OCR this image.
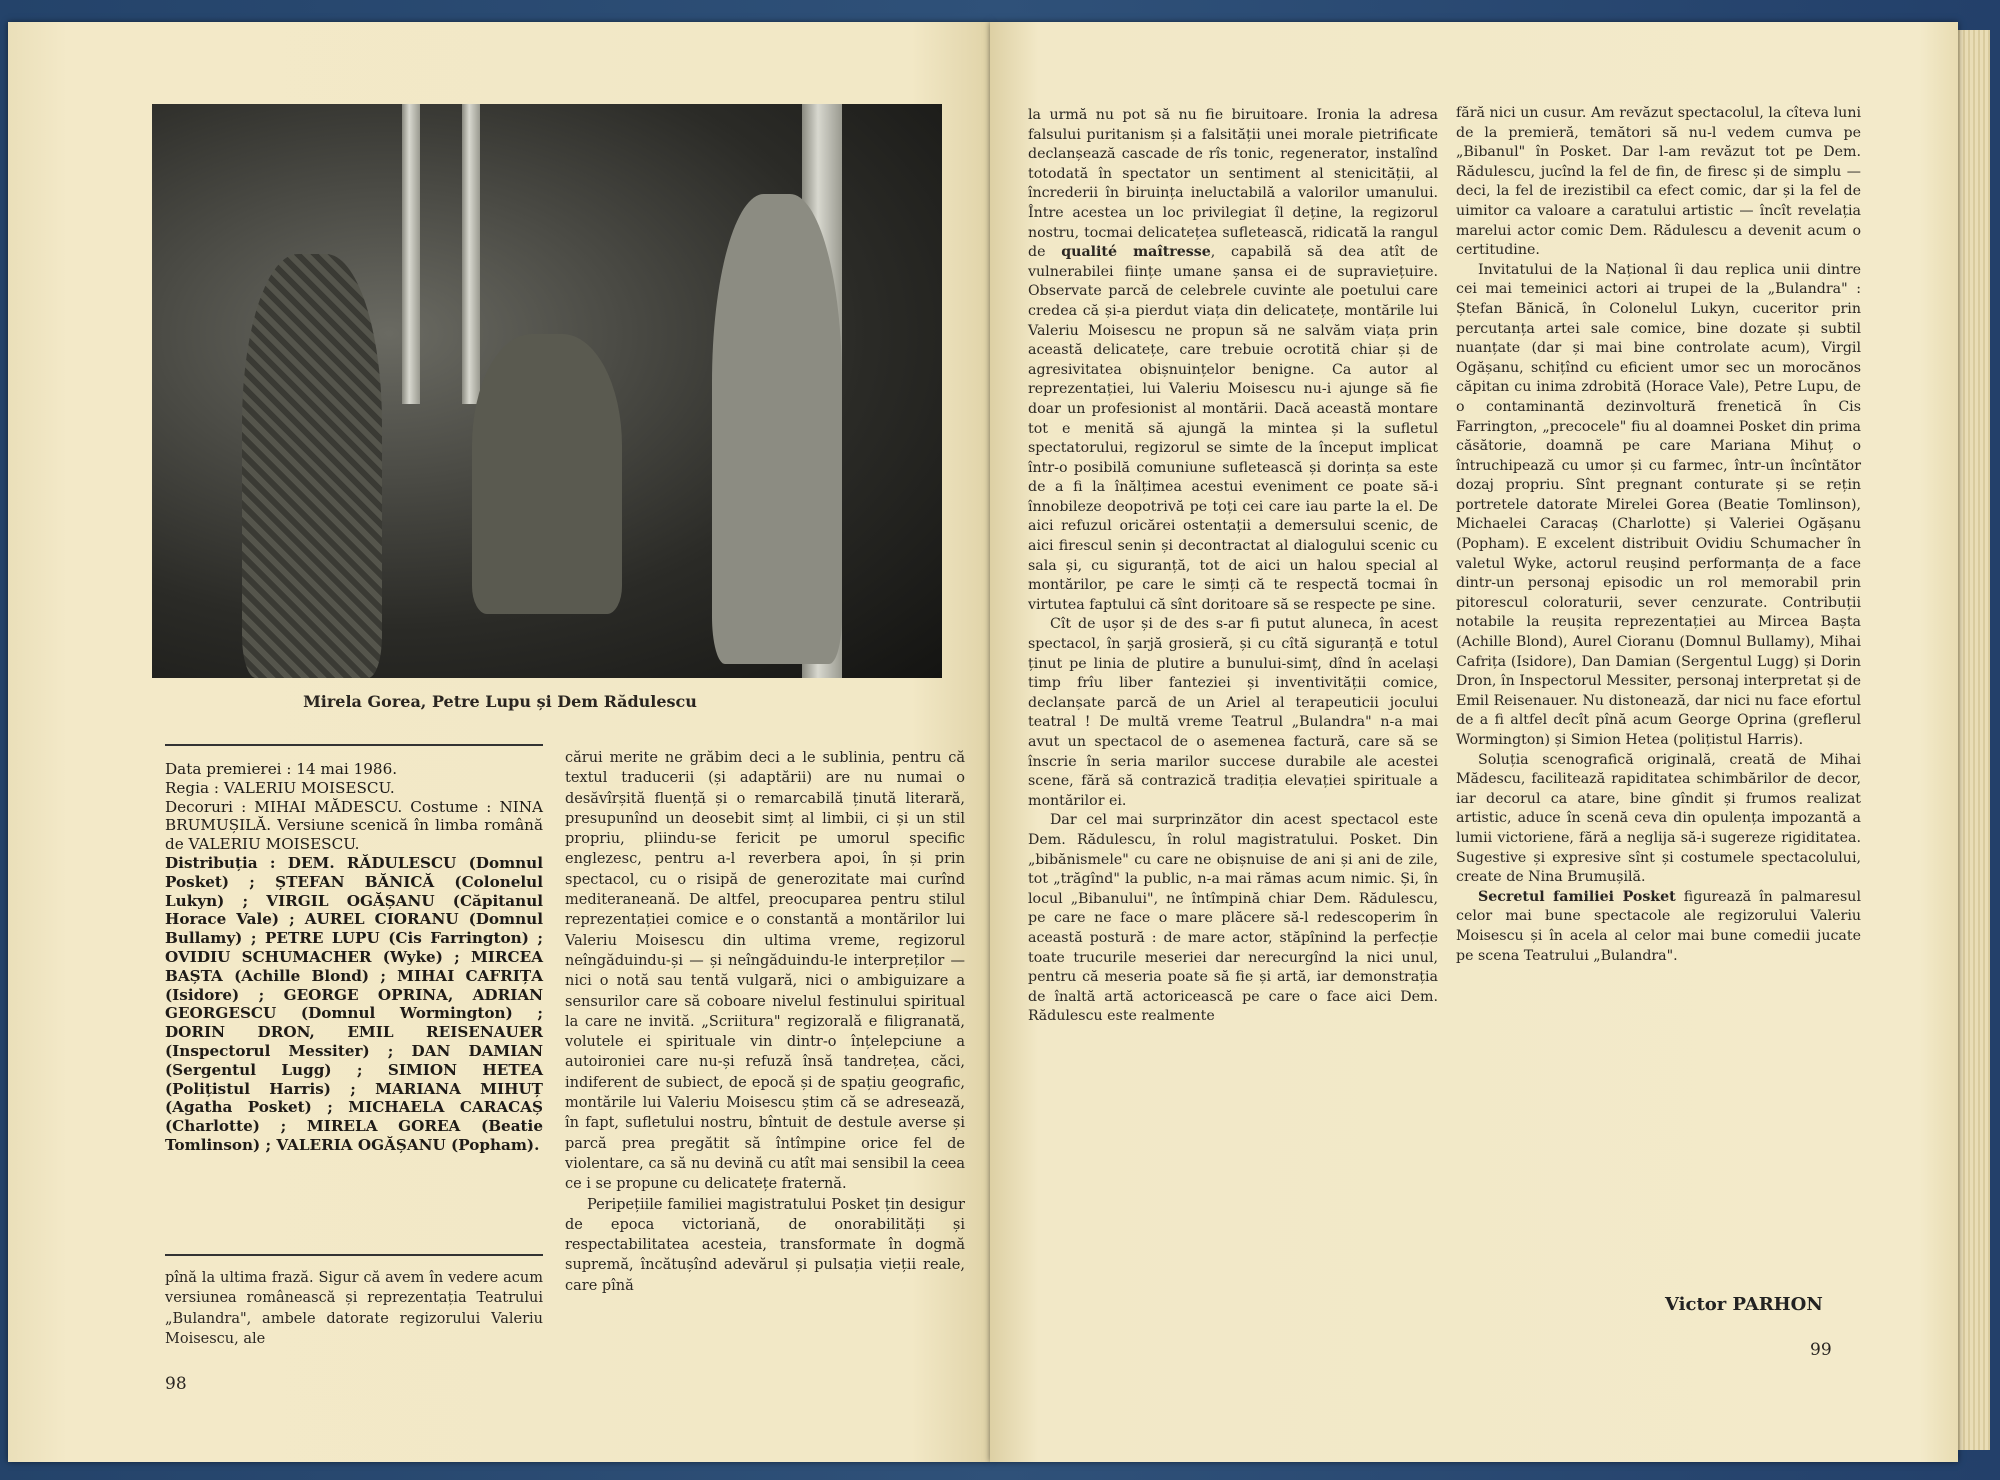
Mirela Gorea, Petre Lupu și Dem Rădulescu

Data premierei : 14 mai 1986.

Regia : VALERIU MOISESCU.

Decoruri : MIHAI MĂDESCU. Costume : NINA BRUMUȘILĂ. Versiune scenică în limba română de VALERIU MOISESCU.

Distribuția : DEM. RĂDULESCU (Domnul Posket) ; ȘTEFAN BĂNICĂ (Colonelul Lukyn) ; VIRGIL OGĂȘANU (Căpitanul Horace Vale) ; AUREL CIORANU (Domnul Bullamy) ; PETRE LUPU (Cis Farrington) ; OVIDIU SCHUMACHER (Wyke) ; MIRCEA BAȘTA (Achille Blond) ; MIHAI CAFRIȚA (Isidore) ; GEORGE OPRINA, ADRIAN GEORGESCU (Domnul Wormington) ; DORIN DRON, EMIL REISENAUER (Inspectorul Messiter) ; DAN DAMIAN (Sergentul Lugg) ; SIMION HETEA (Polițistul Harris) ; MARIANA MIHUȚ (Agatha Posket) ; MICHAELA CARACAȘ (Charlotte) ; MIRELA GOREA (Beatie Tomlinson) ; VALERIA OGĂȘANU (Popham).

pînă la ultima frază. Sigur că avem în vedere acum versiunea românească și reprezentația Teatrului „Bulandra", ambele datorate regizorului Valeriu Moisescu, ale

cărui merite ne grăbim deci a le sublinia, pentru că textul traducerii (și adaptării) are nu numai o desăvîrșită fluență și o remarcabilă ținută literară, presupunînd un deosebit simț al limbii, ci și un stil propriu, pliindu-se fericit pe umorul specific englezesc, pentru a-l reverbera apoi, în și prin spectacol, cu o risipă de generozitate mai curînd mediteraneană. De altfel, preocuparea pentru stilul reprezentației comice e o constantă a montărilor lui Valeriu Moisescu din ultima vreme, regizorul neîngăduindu-și — și neîngăduindu-le interpreților — nici o notă sau tentă vulgară, nici o ambiguizare a sensurilor care să coboare nivelul festinului spiritual la care ne invită. „Scriitura" regizorală e filigranată, volutele ei spirituale vin dintr-o înțelepciune a autoironiei care nu-și refuză însă tandrețea, căci, indiferent de subiect, de epocă și de spațiu geografic, montările lui Valeriu Moisescu știm că se adresează, în fapt, sufletului nostru, bîntuit de destule averse și parcă prea pregătit să întîmpine orice fel de violentare, ca să nu devină cu atît mai sensibil la ceea ce i se propune cu delicatețe fraternă.

Peripețiile familiei magistratului Posket țin desigur de epoca victoriană, de onorabilități și respectabilitatea acesteia, transformate în dogmă supremă, încătușînd adevărul și pulsația vieții reale, care pînă

98

la urmă nu pot să nu fie biruitoare. Ironia la adresa falsului puritanism și a falsității unei morale pietrificate declanșează cascade de rîs tonic, regenerator, instalînd totodată în spectator un sentiment al stenicității, al încrederii în biruința ineluctabilă a valorilor umanului. Între acestea un loc privilegiat îl deține, la regizorul nostru, tocmai delicatețea sufletească, ridicată la rangul de qualité maîtresse, capabilă să dea atît de vulnerabilei ființe umane șansa ei de supraviețuire. Observate parcă de celebrele cuvinte ale poetului care credea că și-a pierdut viața din delicatețe, montările lui Valeriu Moisescu ne propun să ne salvăm viața prin această delicatețe, care trebuie ocrotită chiar și de agresivitatea obișnuințelor benigne. Ca autor al reprezentației, lui Valeriu Moisescu nu-i ajunge să fie doar un profesionist al montării. Dacă această montare tot e menită să ajungă la mintea și la sufletul spectatorului, regizorul se simte de la început implicat într-o posibilă comuniune sufletească și dorința sa este de a fi la înălțimea acestui eveniment ce poate să-i înnobileze deopotrivă pe toți cei care iau parte la el. De aici refuzul oricărei ostentații a demersului scenic, de aici firescul senin și decontractat al dialogului scenic cu sala și, cu siguranță, tot de aici un halou special al montărilor, pe care le simți că te respectă tocmai în virtutea faptului că sînt doritoare să se respecte pe sine.

Cît de ușor și de des s-ar fi putut aluneca, în acest spectacol, în șarjă grosieră, și cu cîtă siguranță e totul ținut pe linia de plutire a bunului-simț, dînd în același timp frîu liber fanteziei și inventivității comice, declanșate parcă de un Ariel al terapeuticii jocului teatral ! De multă vreme Teatrul „Bulandra" n-a mai avut un spectacol de o asemenea factură, care să se înscrie în seria marilor succese durabile ale acestei scene, fără să contrazică tradiția elevației spirituale a montărilor ei.

Dar cel mai surprinzător din acest spectacol este Dem. Rădulescu, în rolul magistratului. Posket. Din „bibănismele" cu care ne obișnuise de ani și ani de zile, tot „trăgînd" la public, n-a mai rămas acum nimic. Și, în locul „Bibanului", ne întîmpină chiar Dem. Rădulescu, pe care ne face o mare plăcere să-l redescoperim în această postură : de mare actor, stăpînind la perfecție toate trucurile meseriei dar nerecurgînd la nici unul, pentru că meseria poate să fie și artă, iar demonstrația de înaltă artă actoricească pe care o face aici Dem. Rădulescu este realmente

fără nici un cusur. Am revăzut spectacolul, la cîteva luni de la premieră, temători să nu-l vedem cumva pe „Bibanul" în Posket. Dar l-am revăzut tot pe Dem. Rădulescu, jucînd la fel de fin, de firesc și de simplu — deci, la fel de irezistibil ca efect comic, dar și la fel de uimitor ca valoare a caratului artistic — încît revelația marelui actor comic Dem. Rădulescu a devenit acum o certitudine.

Invitatului de la Național îi dau replica unii dintre cei mai temeinici actori ai trupei de la „Bulandra" : Ștefan Bănică, în Colonelul Lukyn, cuceritor prin percutanța artei sale comice, bine dozate și subtil nuanțate (dar și mai bine controlate acum), Virgil Ogășanu, schițînd cu eficient umor sec un morocănos căpitan cu inima zdrobită (Horace Vale), Petre Lupu, de o contaminantă dezinvoltură frenetică în Cis Farrington, „precocele" fiu al doamnei Posket din prima căsătorie, doamnă pe care Mariana Mihuț o întruchipează cu umor și cu farmec, într-un încîntător dozaj propriu. Sînt pregnant conturate și se rețin portretele datorate Mirelei Gorea (Beatie Tomlinson), Michaelei Caracaș (Charlotte) și Valeriei Ogășanu (Popham). E excelent distribuit Ovidiu Schumacher în valetul Wyke, actorul reușind performanța de a face dintr-un personaj episodic un rol memorabil prin pitorescul coloraturii, sever cenzurate. Contribuții notabile la reușita reprezentației au Mircea Bașta (Achille Blond), Aurel Cioranu (Domnul Bullamy), Mihai Cafrița (Isidore), Dan Damian (Sergentul Lugg) și Dorin Dron, în Inspectorul Messiter, personaj interpretat și de Emil Reisenauer. Nu distonează, dar nici nu face efortul de a fi altfel decît pînă acum George Oprina (greflerul Wormington) și Simion Hetea (polițistul Harris).

Soluția scenografică originală, creată de Mihai Mădescu, facilitează rapiditatea schimbărilor de decor, iar decorul ca atare, bine gîndit și frumos realizat artistic, aduce în scenă ceva din opulența impozantă a lumii victoriene, fără a neglija să-i sugereze rigiditatea. Sugestive și expresive sînt și costumele spectacolului, create de Nina Brumușilă.

Secretul familiei Posket figurează în palmaresul celor mai bune spectacole ale regizorului Valeriu Moisescu și în acela al celor mai bune comedii jucate pe scena Teatrului „Bulandra".

Victor PARHON
99
